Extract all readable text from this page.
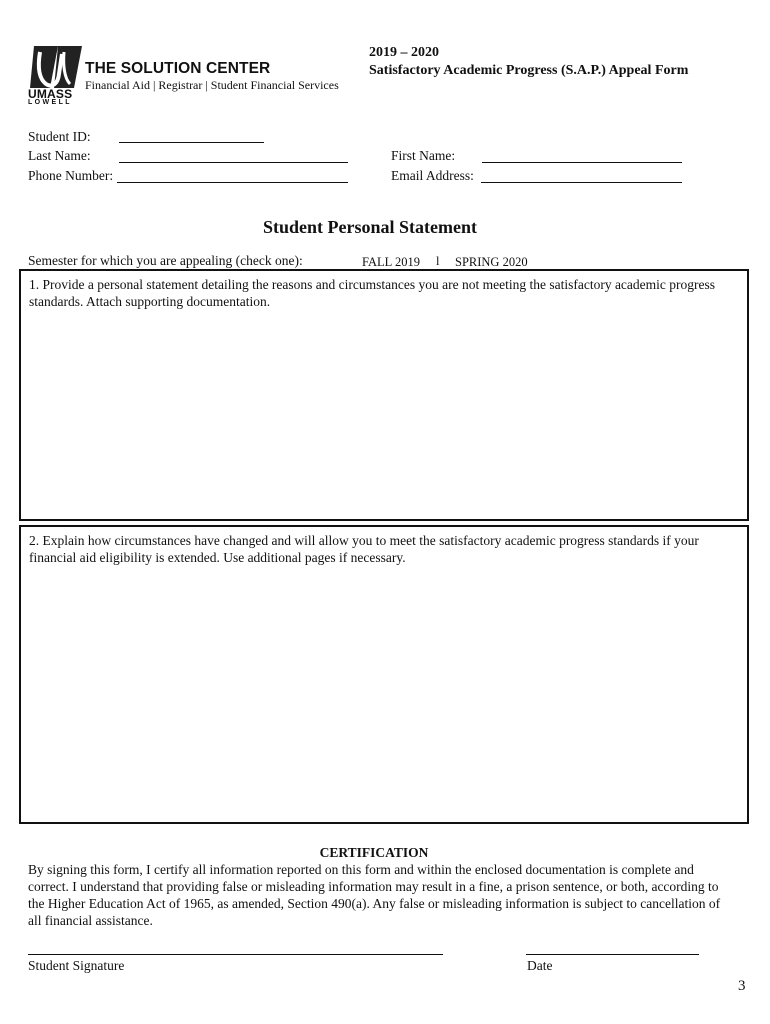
UMASS
LOWELL
THE SOLUTION CENTER
Financial Aid | Registrar | Student Financial Services
2019 – 2020
Satisfactory Academic Progress (S.A.P.) Appeal Form
Student ID:
Last Name:
Phone Number:
First Name:
Email Address:
Student Personal Statement
Semester for which you are appealing (check one):	FALL 2019 l SPRING 2020

1. Provide a personal statement detailing the reasons and circumstances you are not meeting the satisfactory academic progress standards. Attach supporting documentation.

2. Explain how circumstances have changed and will allow you to meet the satisfactory academic progress standards if your financial aid eligibility is extended. Use additional pages if necessary.

CERTIFICATION
By signing this form, I certify all information reported on this form and within the enclosed documentation is complete and correct. I understand that providing false or misleading information may result in a fine, a prison sentence, or both, according to the Higher Education Act of 1965, as amended, Section 490(a). Any false or misleading information is subject to cancellation of all financial assistance.
Student Signature	Date
3
